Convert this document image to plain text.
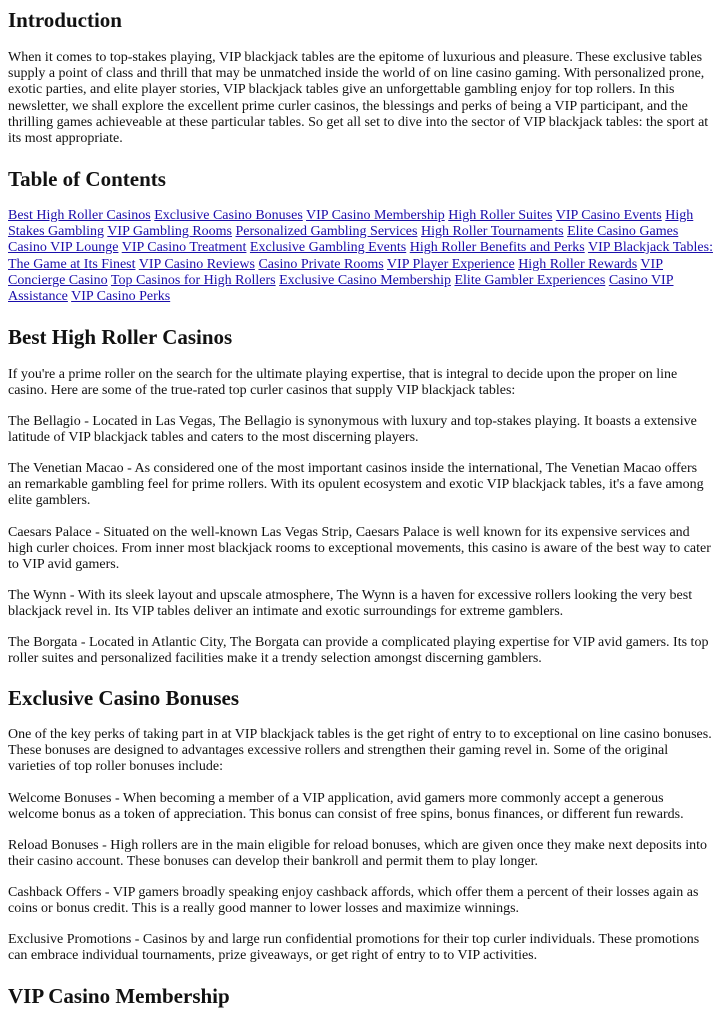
Introduction

When it comes to top-stakes playing, VIP blackjack tables are the epitome of luxurious and pleasure. These exclusive tables supply a point of class and thrill that may be unmatched inside the world of on line casino gaming. With personalized prone, exotic parties, and elite player stories, VIP blackjack tables give an unforgettable gambling enjoy for top rollers. In this newsletter, we shall explore the excellent prime curler casinos, the blessings and perks of being a VIP participant, and the thrilling games achieveable at these particular tables. So get all set to dive into the sector of VIP blackjack tables: the sport at its most appropriate.

Table of Contents
Best High Roller Casinos Exclusive Casino Bonuses VIP Casino Membership High Roller Suites VIP Casino Events High Stakes Gambling VIP Gambling Rooms Personalized Gambling Services High Roller Tournaments Elite Casino Games Casino VIP Lounge VIP Casino Treatment Exclusive Gambling Events High Roller Benefits and Perks VIP Blackjack Tables: The Game at Its Finest VIP Casino Reviews Casino Private Rooms VIP Player Experience High Roller Rewards VIP Concierge Casino Top Casinos for High Rollers Exclusive Casino Membership Elite Gambler Experiences Casino VIP Assistance VIP Casino Perks
Best High Roller Casinos

If you're a prime roller on the search for the ultimate playing expertise, that is integral to decide upon the proper on line casino. Here are some of the true-rated top curler casinos that supply VIP blackjack tables:

The Bellagio - Located in Las Vegas, The Bellagio is synonymous with luxury and top-stakes playing. It boasts a extensive latitude of VIP blackjack tables and caters to the most discerning players.

The Venetian Macao - As considered one of the most important casinos inside the international, The Venetian Macao offers an remarkable gambling feel for prime rollers. With its opulent ecosystem and exotic VIP blackjack tables, it's a fave among elite gamblers.

Caesars Palace - Situated on the well-known Las Vegas Strip, Caesars Palace is well known for its expensive services and high curler choices. From inner most blackjack rooms to exceptional movements, this casino is aware of the best way to cater to VIP avid gamers.

The Wynn - With its sleek layout and upscale atmosphere, The Wynn is a haven for excessive rollers looking the very best blackjack revel in. Its VIP tables deliver an intimate and exotic surroundings for extreme gamblers.

The Borgata - Located in Atlantic City, The Borgata can provide a complicated playing expertise for VIP avid gamers. Its top roller suites and personalized facilities make it a trendy selection amongst discerning gamblers.

Exclusive Casino Bonuses

One of the key perks of taking part in at VIP blackjack tables is the get right of entry to to exceptional on line casino bonuses. These bonuses are designed to advantages excessive rollers and strengthen their gaming revel in. Some of the original varieties of top roller bonuses include:

Welcome Bonuses - When becoming a member of a VIP application, avid gamers more commonly accept a generous welcome bonus as a token of appreciation. This bonus can consist of free spins, bonus finances, or different fun rewards.

Reload Bonuses - High rollers are in the main eligible for reload bonuses, which are given once they make next deposits into their casino account. These bonuses can develop their bankroll and permit them to play longer.

Cashback Offers - VIP gamers broadly speaking enjoy cashback affords, which offer them a percent of their losses again as coins or bonus credit. This is a really good manner to lower losses and maximize winnings.

Exclusive Promotions - Casinos by and large run confidential promotions for their top curler individuals. These promotions can embrace individual tournaments, prize giveaways, or get right of entry to to VIP activities.

VIP Casino Membership
